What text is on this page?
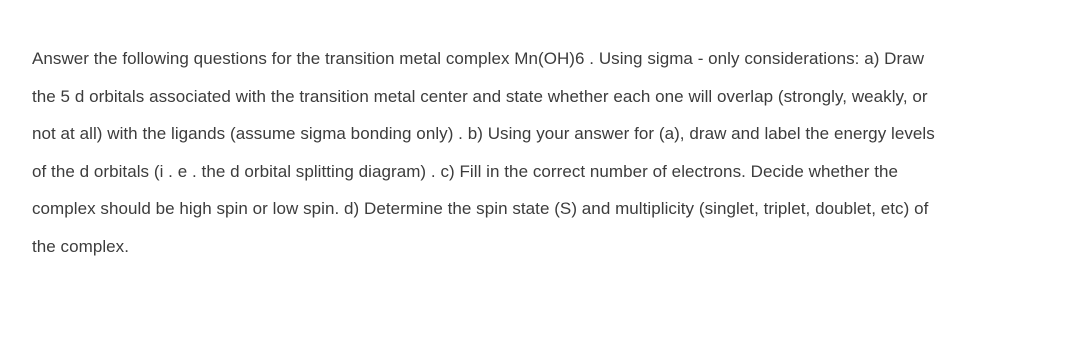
Answer the following questions for the transition metal complex Mn(OH)6 . Using sigma - only considerations: a) Draw
the 5 d orbitals associated with the transition metal center and state whether each one will overlap (strongly, weakly, or
not at all) with the ligands (assume sigma bonding only) . b) Using your answer for (a), draw and label the energy levels
of the d orbitals (i . e . the d orbital splitting diagram) . c) Fill in the correct number of electrons. Decide whether the
complex should be high spin or low spin. d) Determine the spin state (S) and multiplicity (singlet, triplet, doublet, etc) of
the complex.
